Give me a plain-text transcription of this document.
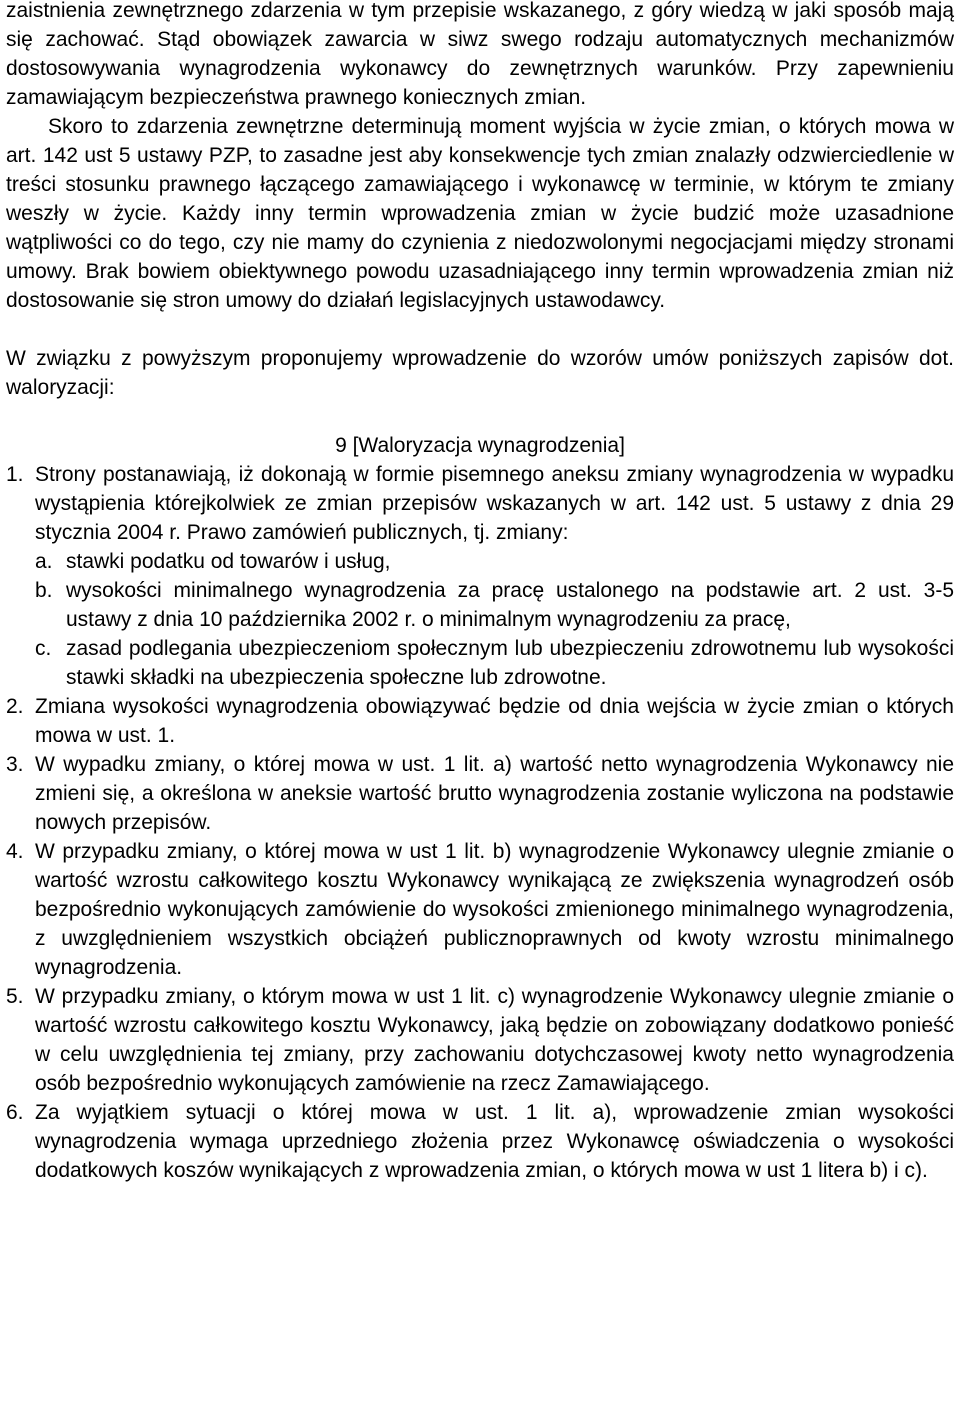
zaistnienia zewnętrznego zdarzenia w tym przepisie wskazanego, z góry wiedzą w jaki sposób mają się zachować. Stąd obowiązek zawarcia w siwz swego rodzaju automatycznych mechanizmów dostosowywania wynagrodzenia wykonawcy do zewnętrznych warunków. Przy zapewnieniu zamawiającym bezpieczeństwa prawnego koniecznych zmian.

Skoro to zdarzenia zewnętrzne determinują moment wyjścia w życie zmian, o których mowa w art. 142 ust 5 ustawy PZP, to zasadne jest aby konsekwencje tych zmian znalazły odzwierciedlenie w treści stosunku prawnego łączącego zamawiającego i wykonawcę w terminie, w którym te zmiany weszły w życie. Każdy inny termin wprowadzenia zmian w życie budzić może uzasadnione wątpliwości co do tego, czy nie mamy do czynienia z niedozwolonymi negocjacjami między stronami umowy. Brak bowiem obiektywnego powodu uzasadniającego inny termin wprowadzenia zmian niż dostosowanie się stron umowy do działań legislacyjnych ustawodawcy.

W związku z powyższym proponujemy wprowadzenie do wzorów umów poniższych zapisów dot. waloryzacji:

9 [Waloryzacja wynagrodzenia]

1. Strony postanawiają, iż dokonają w formie pisemnego aneksu zmiany wynagrodzenia w wypadku wystąpienia którejkolwiek ze zmian przepisów wskazanych w art. 142 ust. 5 ustawy z dnia 29 stycznia 2004 r. Prawo zamówień publicznych, tj. zmiany:
a. stawki podatku od towarów i usług,
b. wysokości minimalnego wynagrodzenia za pracę ustalonego na podstawie art. 2 ust. 3-5 ustawy z dnia 10 października 2002 r. o minimalnym wynagrodzeniu za pracę,
c. zasad podlegania ubezpieczeniom społecznym lub ubezpieczeniu zdrowotnemu lub wysokości stawki składki na ubezpieczenia społeczne lub zdrowotne.
2. Zmiana wysokości wynagrodzenia obowiązywać będzie od dnia wejścia w życie zmian o których mowa w ust. 1.
3. W wypadku zmiany, o której mowa w ust. 1 lit. a) wartość netto wynagrodzenia Wykonawcy nie zmieni się, a określona w aneksie wartość brutto wynagrodzenia zostanie wyliczona na podstawie nowych przepisów.
4. W przypadku zmiany, o której mowa w ust 1 lit. b) wynagrodzenie Wykonawcy ulegnie zmianie o wartość wzrostu całkowitego kosztu Wykonawcy wynikającą ze zwiększenia wynagrodzeń osób bezpośrednio wykonujących zamówienie do wysokości zmienionego minimalnego wynagrodzenia, z uwzględnieniem wszystkich obciążeń publicznoprawnych od kwoty wzrostu minimalnego wynagrodzenia.
5. W przypadku zmiany, o którym mowa w ust 1 lit. c) wynagrodzenie Wykonawcy ulegnie zmianie o wartość wzrostu całkowitego kosztu Wykonawcy, jaką będzie on zobowiązany dodatkowo ponieść w celu uwzględnienia tej zmiany, przy zachowaniu dotychczasowej kwoty netto wynagrodzenia osób bezpośrednio wykonujących zamówienie na rzecz Zamawiającego.
6. Za wyjątkiem sytuacji o której mowa w ust. 1 lit. a), wprowadzenie zmian wysokości wynagrodzenia wymaga uprzedniego złożenia przez Wykonawcę oświadczenia o wysokości dodatkowych koszów wynikających z wprowadzenia zmian, o których mowa w ust 1 litera b) i c).
